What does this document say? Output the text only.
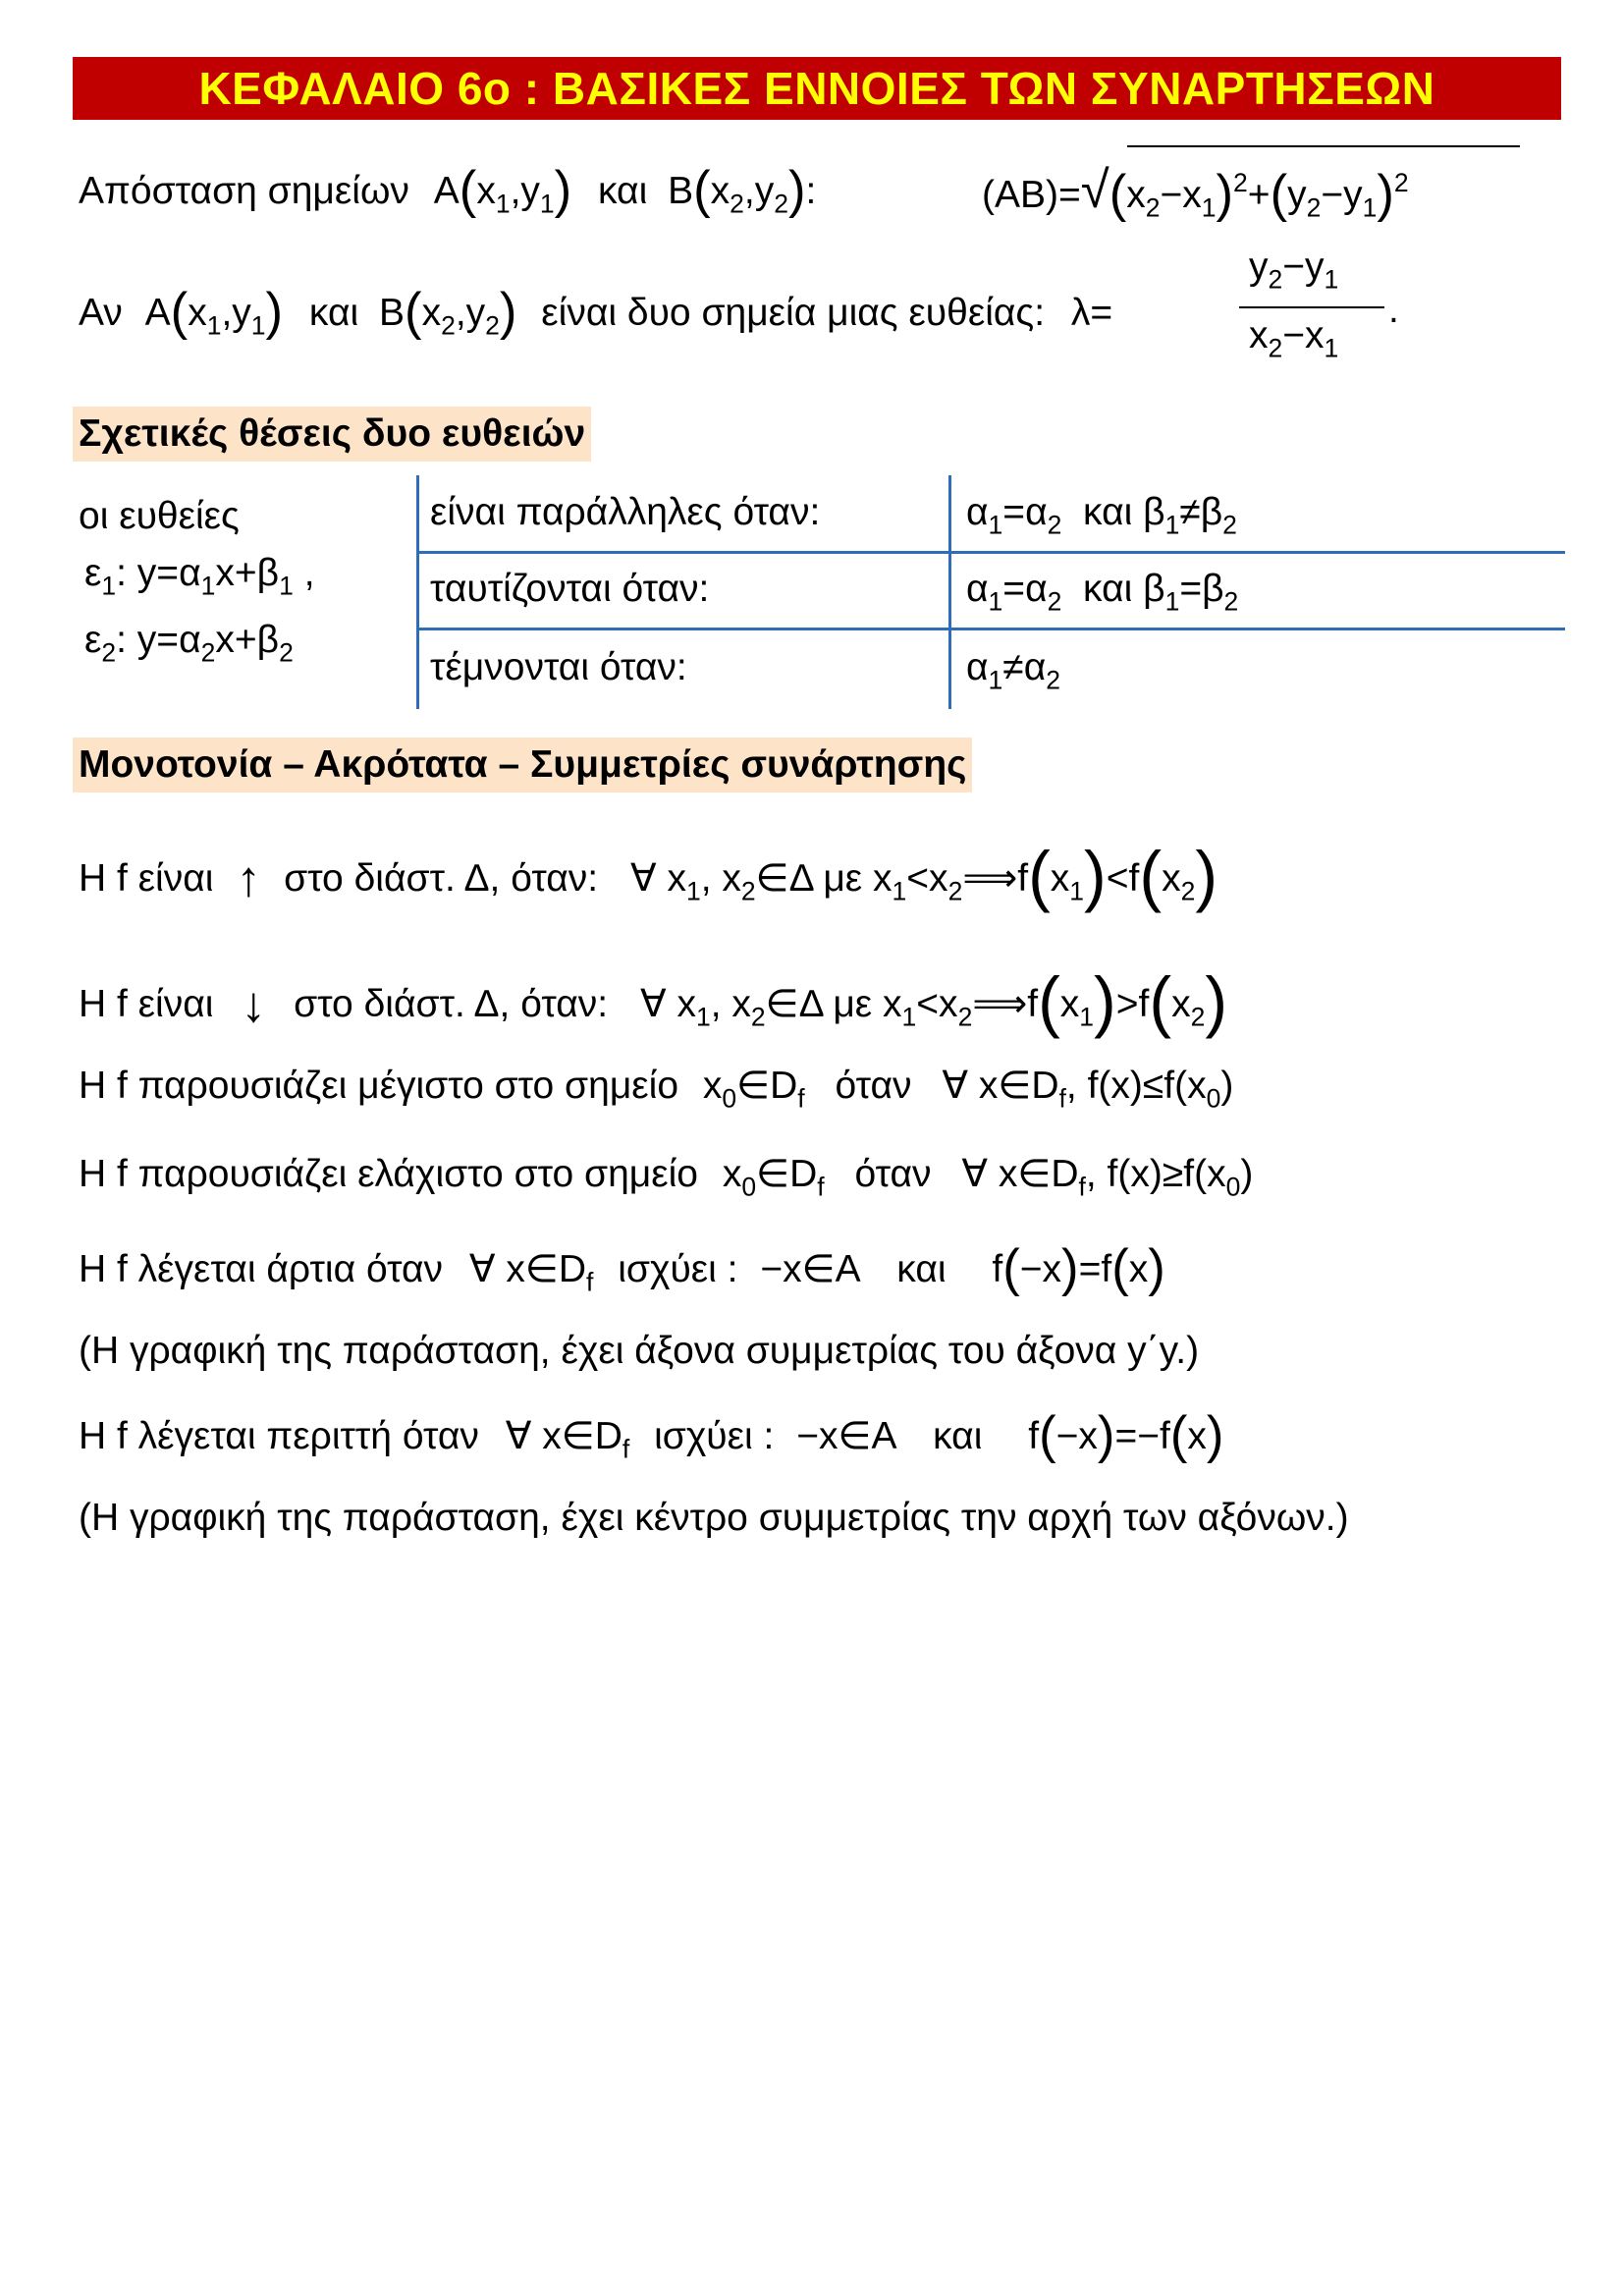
ΚΕΦΑΛΑΙΟ 6ο : ΒΑΣΙΚΕΣ ΕΝΝΟΙΕΣ ΤΩΝ ΣΥΝΑΡΤΗΣΕΩΝ
Απόσταση σημείων $A(x_1,y_1)$ και $B(x_2,y_2)$:	$(AB)=√(x_2-x_1)^2+(y_2-y_1)^2$
Αν $A(x_1,y_1)$ και $B(x_2,y_2)$ είναι δυο σημεία μιας ευθείας: λ=
$y_2-y_1$
$x_2-x_1$
.
Σχετικές θέσεις δυο ευθειών
οι ευθείες
$\varepsilon_1$: $y=\alpha_1x+\beta_1$ ,
$\varepsilon_2$: $y=\alpha_2x+\beta_2$
είναι παράλληλες όταν:	$\alpha_1=\alpha_2$  και $\beta_1\ne\beta_2$
ταυτίζονται όταν:	$\alpha_1=\alpha_2$  και $\beta_1=\beta_2$
τέμνονται όταν:	$\alpha_1\ne\alpha_2$
Μονοτονία – Ακρότατα – Συμμετρίες συνάρτησης
Η f είναι ↑ στο διάστ. Δ, όταν: ∀ $x_1$, $x_2\in\Delta$ με $x_1<x_2⟹f(x_1)<f(x_2)$
Η f είναι ↓ στο διάστ. Δ, όταν: ∀ $x_1$, $x_2\in\Delta$ με $x_1<x_2⟹f(x_1)>f(x_2)$
Η f παρουσιάζει μέγιστο στο σημείο $x_0\in D_f$ όταν ∀ $x\in D_f$, $f(x)\le f(x_0)$
Η f παρουσιάζει ελάχιστο στο σημείο $x_0\in D_f$ όταν ∀ $x\in D_f$, $f(x)\ge f(x_0)$
Η f λέγεται άρτια όταν ∀ $x\in D_f$ ισχύει : −x∈A και f(−x)=f(x)
(Η γραφική της παράσταση, έχει άξονα συμμετρίας του άξονα y΄y.)
Η f λέγεται περιττή όταν ∀ $x\in D_f$ ισχύει : −x∈A και f(−x)=−f(x)
(Η γραφική της παράσταση, έχει κέντρο συμμετρίας την αρχή των αξόνων.)
